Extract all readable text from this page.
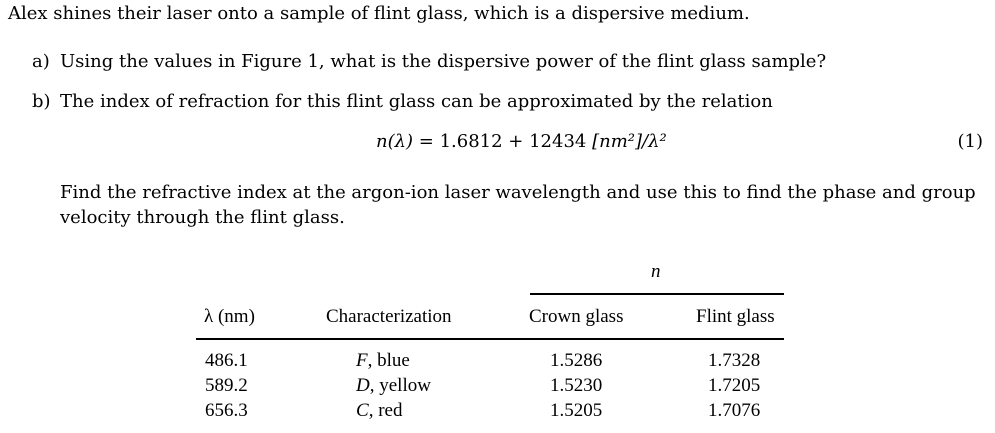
Alex shines their laser onto a sample of flint glass, which is a dispersive medium.
a) Using the values in Figure 1, what is the dispersive power of the flint glass sample?
b) The index of refraction for this flint glass can be approximated by the relation
n(λ) = 1.6812 + 12434 [nm²]/λ²	(1)
Find the refractive index at the argon-ion laser wavelength and use this to find the phase and group
velocity through the flint glass.
n
λ (nm)	Characterization	Crown glass	Flint glass
486.1	F, blue	1.5286	1.7328
589.2	D, yellow	1.5230	1.7205
656.3	C, red	1.5205	1.7076
